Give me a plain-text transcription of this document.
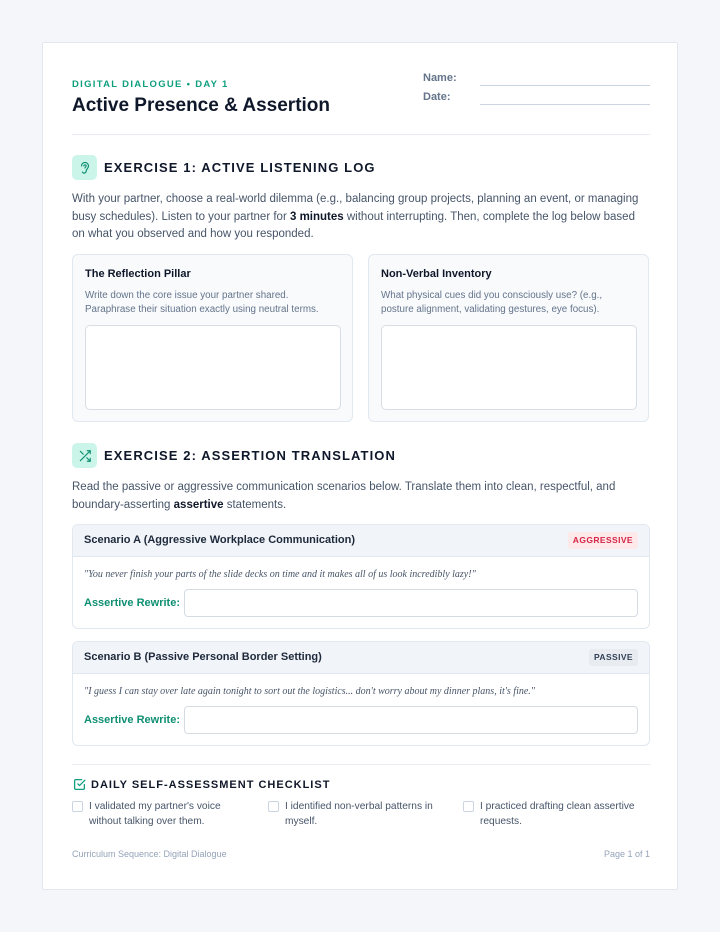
DIGITAL DIALOGUE • DAY 1
Active Presence & Assertion
Name:
Date:
EXERCISE 1: ACTIVE LISTENING LOG
With your partner, choose a real-world dilemma (e.g., balancing group projects, planning an event, or managing busy schedules). Listen to your partner for 3 minutes without interrupting. Then, complete the log below based on what you observed and how you responded.
The Reflection Pillar
Write down the core issue your partner shared. Paraphrase their situation exactly using neutral terms.
Non-Verbal Inventory
What physical cues did you consciously use? (e.g., posture alignment, validating gestures, eye focus).
EXERCISE 2: ASSERTION TRANSLATION
Read the passive or aggressive communication scenarios below. Translate them into clean, respectful, and boundary-asserting assertive statements.
Scenario A (Aggressive Workplace Communication)	AGGRESSIVE
"You never finish your parts of the slide decks on time and it makes all of us look incredibly lazy!"
Assertive Rewrite:
Scenario B (Passive Personal Border Setting)	PASSIVE
"I guess I can stay over late again tonight to sort out the logistics... don't worry about my dinner plans, it's fine."
Assertive Rewrite:
DAILY SELF-ASSESSMENT CHECKLIST
I validated my partner's voice without talking over them.
I identified non-verbal patterns in myself.
I practiced drafting clean assertive requests.
Curriculum Sequence: Digital Dialogue	Page 1 of 1
